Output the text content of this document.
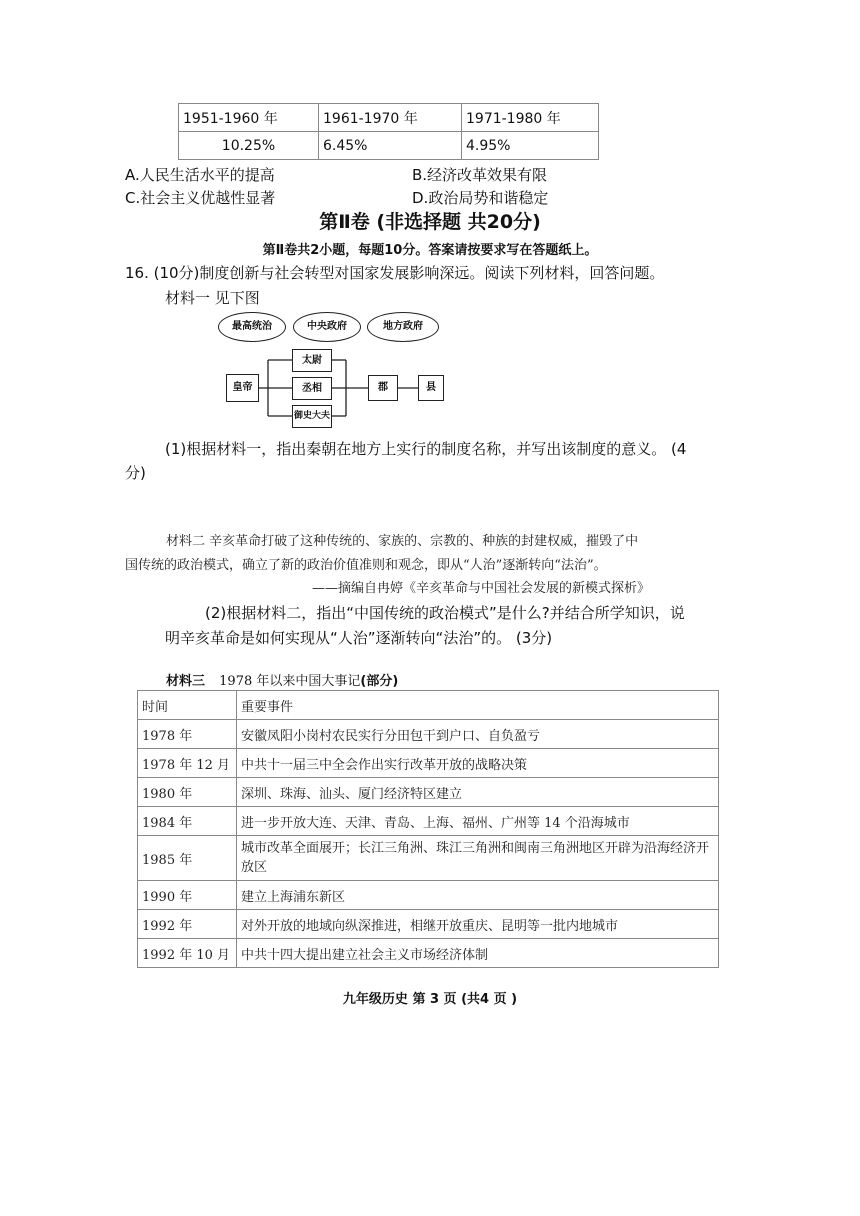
1951-1960 年	1961-1970 年	1971-1980 年
10.25%	6.45%	4.95%
A.人民生活水平的提高	B.经济改革效果有限
C.社会主义优越性显著	D.政治局势和谐稳定
第Ⅱ卷 (非选择题 共20分)
第Ⅱ卷共2小题，每题10分。答案请按要求写在答题纸上。
16. (10分)制度创新与社会转型对国家发展影响深远。阅读下列材料，回答问题。
材料一 见下图
最高统治	中央政府	地方政府
皇帝
太尉
丞相
御史大夫
郡	县
(1)根据材料一，指出秦朝在地方上实行的制度名称，并写出该制度的意义。 (4
分)
材料二 辛亥革命打破了这种传统的、家族的、宗教的、种族的封建权威，摧毁了中
国传统的政治模式，确立了新的政治价值准则和观念，即从“人治”逐渐转向“法治”。
——摘编自冉婷《辛亥革命与中国社会发展的新模式探析》
(2)根据材料二，指出“中国传统的政治模式”是什么?并结合所学知识，说
明辛亥革命是如何实现从“人治”逐渐转向“法治”的。 (3分)
材料三 1978 年以来中国大事记(部分)
时间	重要事件
1978 年	安徽凤阳小岗村农民实行分田包干到户口、自负盈亏
1978 年 12 月	中共十一届三中全会作出实行改革开放的战略决策
1980 年	深圳、珠海、汕头、厦门经济特区建立
1984 年	进一步开放大连、天津、青岛、上海、福州、广州等 14 个沿海城市
1985 年	城市改革全面展开；长江三角洲、珠江三角洲和闽南三角洲地区开辟为沿海经济开放区
1990 年	建立上海浦东新区
1992 年	对外开放的地域向纵深推进，相继开放重庆、昆明等一批内地城市
1992 年 10 月	中共十四大提出建立社会主义市场经济体制
九年级历史 第 3 页 (共4 页 )
